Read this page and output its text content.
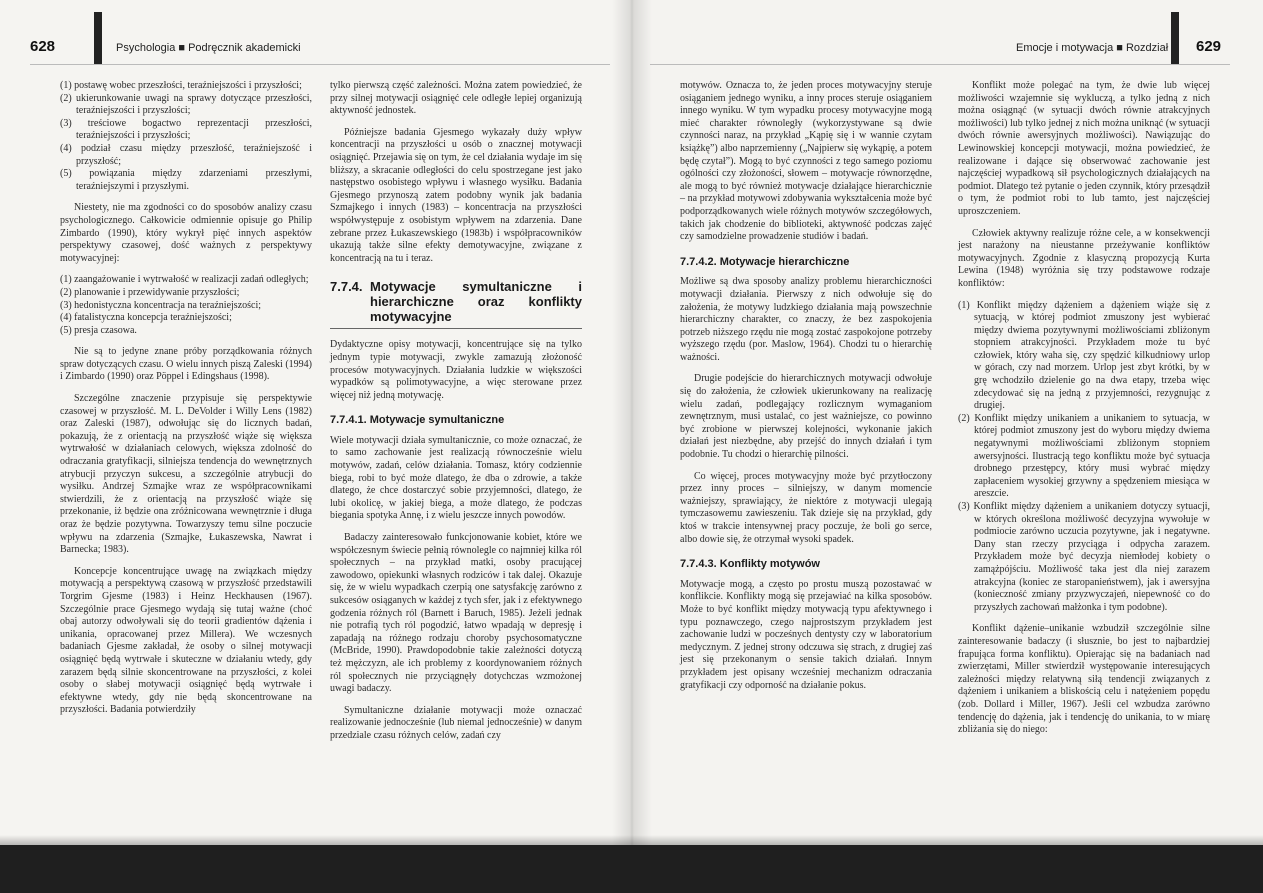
628	Psychologia ■ Podręcznik akademicki
(1) postawę wobec przeszłości, teraźniejszości i przyszłości;
(2) ukierunkowanie uwagi na sprawy dotyczące przeszłości, teraźniejszości i przyszłości;
(3) treściowe bogactwo reprezentacji przeszłości, teraźniejszości i przyszłości;
(4) podział czasu między przeszłość, teraźniejszość i przyszłość;
(5) powiązania między zdarzeniami przeszłymi, teraźniejszymi i przyszłymi.

Niestety, nie ma zgodności co do sposobów analizy czasu psychologicznego. Całkowicie odmiennie opisuje go Philip Zimbardo (1990), który wykrył pięć innych aspektów perspektywy czasowej, dość ważnych z perspektywy motywacyjnej:

(1) zaangażowanie i wytrwałość w realizacji zadań odległych;
(2) planowanie i przewidywanie przyszłości;
(3) hedonistyczna koncentracja na teraźniejszości;
(4) fatalistyczna koncepcja teraźniejszości;
(5) presja czasowa.

Nie są to jedyne znane próby porządkowania różnych spraw dotyczących czasu. O wielu innych piszą Zaleski (1994) i Zimbardo (1990) oraz Pöppel i Edingshaus (1998).

Szczególne znaczenie przypisuje się perspektywie czasowej w przyszłość. M. L. DeVolder i Willy Lens (1982) oraz Zaleski (1987), odwołując się do licznych badań, pokazują, że z orientacją na przyszłość wiąże się większa wytrwałość w działaniach celowych, większa zdolność do odraczania gratyfikacji, silniejsza tendencja do wewnętrznych atrybucji przyczyn sukcesu, a szczególnie atrybucji do wysiłku. Andrzej Szmajke wraz ze współpracownikami stwierdzili, że z orientacją na przyszłość wiąże się przekonanie, iż będzie ona zróżnicowana wewnętrznie i długa oraz że będzie pozytywna. Towarzyszy temu silne poczucie wpływu na zdarzenia (Szmajke, Łukaszewska, Nawrat i Barnecka; 1983).

Koncepcje koncentrujące uwagę na związkach między motywacją a perspektywą czasową w przyszłość przedstawili Torgrim Gjesme (1983) i Heinz Heckhausen (1967). Szczególnie prace Gjesmego wydają się tutaj ważne (choć obaj autorzy odwoływali się do teorii gradientów dążenia i unikania, opracowanej przez Millera). We wczesnych badaniach Gjesme zakładał, że osoby o silnej motywacji osiągnięć będą wytrwałe i skuteczne w działaniu wtedy, gdy zarazem będą silnie skoncentrowane na przyszłości, z kolei osoby o słabej motywacji osiągnięć będą wytrwałe i efektywne wtedy, gdy nie będą skoncentrowane na przyszłości. Badania potwierdziły

tylko pierwszą część zależności. Można zatem powiedzieć, że przy silnej motywacji osiągnięć cele odległe lepiej organizują aktywność jednostek.

Późniejsze badania Gjesmego wykazały duży wpływ koncentracji na przyszłości u osób o znacznej motywacji osiągnięć. Przejawia się on tym, że cel działania wydaje im się bliższy, a skracanie odległości do celu spostrzegane jest jako następstwo osobistego wpływu i własnego wysiłku. Badania Gjesmego przynoszą zatem podobny wynik jak badania Szmajkego i innych (1983) – koncentracja na przyszłości współwystępuje z osobistym wpływem na zdarzenia. Dane zebrane przez Łukaszewskiego (1983b) i współpracowników ukazują także silne efekty demotywacyjne, związane z koncentracją na tu i teraz.

7.7.4. Motywacje symultaniczne i hierarchiczne oraz konflikty motywacyjne

Dydaktyczne opisy motywacji, koncentrujące się na tylko jednym typie motywacji, zwykle zamazują złożoność procesów motywacyjnych. Działania ludzkie w większości wypadków są polimotywacyjne, a więc sterowane przez więcej niż jedną motywację.

7.7.4.1. Motywacje symultaniczne

Wiele motywacji działa symultanicznie, co może oznaczać, że to samo zachowanie jest realizacją równocześnie wielu motywów, zadań, celów działania. Tomasz, który codziennie biega, robi to być może dlatego, że dba o zdrowie, a także dlatego, że chce dostarczyć sobie przyjemności, dlatego, że lubi okolicę, w jakiej biega, a może dlatego, że podczas biegania spotyka Annę, i z wielu jeszcze innych powodów.

Badaczy zainteresowało funkcjonowanie kobiet, które we współczesnym świecie pełnią równolegle co najmniej kilka ról społecznych – na przykład matki, osoby pracującej zawodowo, opiekunki własnych rodziców i tak dalej. Okazuje się, że w wielu wypadkach czerpią one satysfakcję zarówno z sukcesów osiąganych w każdej z tych sfer, jak i z efektywnego godzenia różnych ról (Barnett i Baruch, 1985). Jeżeli jednak nie potrafią tych ról pogodzić, łatwo wpadają w depresję i zapadają na różnego rodzaju choroby psychosomatyczne (McBride, 1990). Prawdopodobnie takie zależności dotyczą też mężczyzn, ale ich problemy z koordynowaniem różnych ról społecznych nie przyciągnęły dotychczas wzmożonej uwagi badaczy.

Symultaniczne działanie motywacji może oznaczać realizowanie jednocześnie (lub niemal jednocześnie) w danym przedziale czasu różnych celów, zadań czy

629
Emocje i motywacja ■ Rozdział 7

motywów. Oznacza to, że jeden proces motywacyjny steruje osiąganiem jednego wyniku, a inny proces steruje osiąganiem innego wyniku. W tym wypadku procesy motywacyjne mogą mieć charakter równoległy (wykorzystywane są dwie czynności naraz, na przykład „Kąpię się i w wannie czytam książkę”) albo naprzemienny („Najpierw się wykąpię, a potem będę czytał”). Mogą to być czynności z tego samego poziomu ogólności czy złożoności, słowem – motywacje równorzędne, ale mogą to być również motywacje działające hierarchicznie – na przykład motywowi zdobywania wykształcenia może być podporządkowanych wiele różnych motywów szczegółowych, takich jak chodzenie do biblioteki, aktywność podczas zajęć czy samodzielne prowadzenie studiów i badań.

7.7.4.2. Motywacje hierarchiczne

Możliwe są dwa sposoby analizy problemu hierarchiczności motywacji działania. Pierwszy z nich odwołuje się do założenia, że motywy ludzkiego działania mają powszechnie hierarchiczny charakter, co znaczy, że bez zaspokojenia potrzeb niższego rzędu nie mogą zostać zaspokojone potrzeby wyższego rzędu (por. Maslow, 1964). Chodzi tu o hierarchię ważności.

Drugie podejście do hierarchicznych motywacji odwołuje się do założenia, że człowiek ukierunkowany na realizację wielu zadań, podlegający rozlicznym wymaganiom zewnętrznym, musi ustalać, co jest ważniejsze, co powinno być zrobione w pierwszej kolejności, wykonanie jakich działań jest niezbędne, aby przejść do innych działań i tym podobnie. Tu chodzi o hierarchię pilności.

Co więcej, proces motywacyjny może być przytłoczony przez inny proces – silniejszy, w danym momencie ważniejszy, sprawiający, że niektóre z motywacji ulegają tymczasowemu zawieszeniu. Tak dzieje się na przykład, gdy ktoś w trakcie intensywnej pracy poczuje, że boli go serce, albo dowie się, że otrzymał wysoki spadek.

7.7.4.3. Konflikty motywów

Motywacje mogą, a często po prostu muszą pozostawać w konflikcie. Konflikty mogą się przejawiać na kilka sposobów. Może to być konflikt między motywacją typu afektywnego i typu poznawczego, czego najprostszym przykładem jest zachowanie ludzi w pocześnych dentysty czy w laboratorium medycznym. Z jednej strony odczuwa się strach, z drugiej zaś jest się przekonanym o sensie takich działań. Innym przykładem jest opisany wcześniej mechanizm odraczania gratyfikacji czy odporność na działanie pokus.

Konflikt może polegać na tym, że dwie lub więcej możliwości wzajemnie się wykluczą, a tylko jedną z nich można osiągnąć (w sytuacji dwóch równie atrakcyjnych możliwości) lub tylko jednej z nich można uniknąć (w sytuacji dwóch równie awersyjnych możliwości). Nawiązując do Lewinowskiej koncepcji motywacji, można powiedzieć, że realizowane i dające się obserwować zachowanie jest najczęściej wypadkową sił psychologicznych działających na podmiot. Dlatego też pytanie o jeden czynnik, który przesądził o tym, że podmiot robi to lub tamto, jest najczęściej uproszczeniem.

Człowiek aktywny realizuje różne cele, a w konsekwencji jest narażony na nieustanne przeżywanie konfliktów motywacyjnych. Zgodnie z klasyczną propozycją Kurta Lewina (1948) wyróżnia się trzy podstawowe rodzaje konfliktów:

(1) Konflikt między dążeniem a dążeniem wiąże się z sytuacją, w której podmiot zmuszony jest wybierać między dwiema pozytywnymi możliwościami zbliżonym stopniem atrakcyjności. Przykładem może tu być człowiek, który waha się, czy spędzić kilkudniowy urlop w górach, czy nad morzem. Urlop jest zbyt krótki, by w grę wchodziło dzielenie go na dwa etapy, trzeba więc zdecydować się na jedną z przyjemności, rezygnując z drugiej.
(2) Konflikt między unikaniem a unikaniem to sytuacja, w której podmiot zmuszony jest do wyboru między dwiema negatywnymi możliwościami zbliżonym stopniem awersyjności. Ilustracją tego konfliktu może być sytuacja drobnego przestępcy, który musi wybrać między zapłaceniem wysokiej grzywny a spędzeniem miesiąca w areszcie.
(3) Konflikt między dążeniem a unikaniem dotyczy sytuacji, w których określona możliwość decyzyjna wywołuje w podmiocie zarówno uczucia pozytywne, jak i negatywne. Dany stan rzeczy przyciąga i odpycha zarazem. Przykładem może być decyzja niemłodej kobiety o zamążpójściu. Możliwość taka jest dla niej zarazem atrakcyjna (koniec ze staropanieństwem), jak i awersyjna (konieczność zmiany przyzwyczajeń, niepewność co do przyszłych zachowań małżonka i tym podobne).

Konflikt dążenie–unikanie wzbudził szczególnie silne zainteresowanie badaczy (i słusznie, bo jest to najbardziej frapująca forma konfliktu). Opierając się na badaniach nad zwierzętami, Miller stwierdził występowanie interesujących zależności między relatywną siłą tendencji związanych z dążeniem i unikaniem a bliskością celu i natężeniem popędu (zob. Dollard i Miller, 1967). Jeśli cel wzbudza zarówno tendencję do dążenia, jak i tendencję do unikania, to w miarę zbliżania się do niego:
